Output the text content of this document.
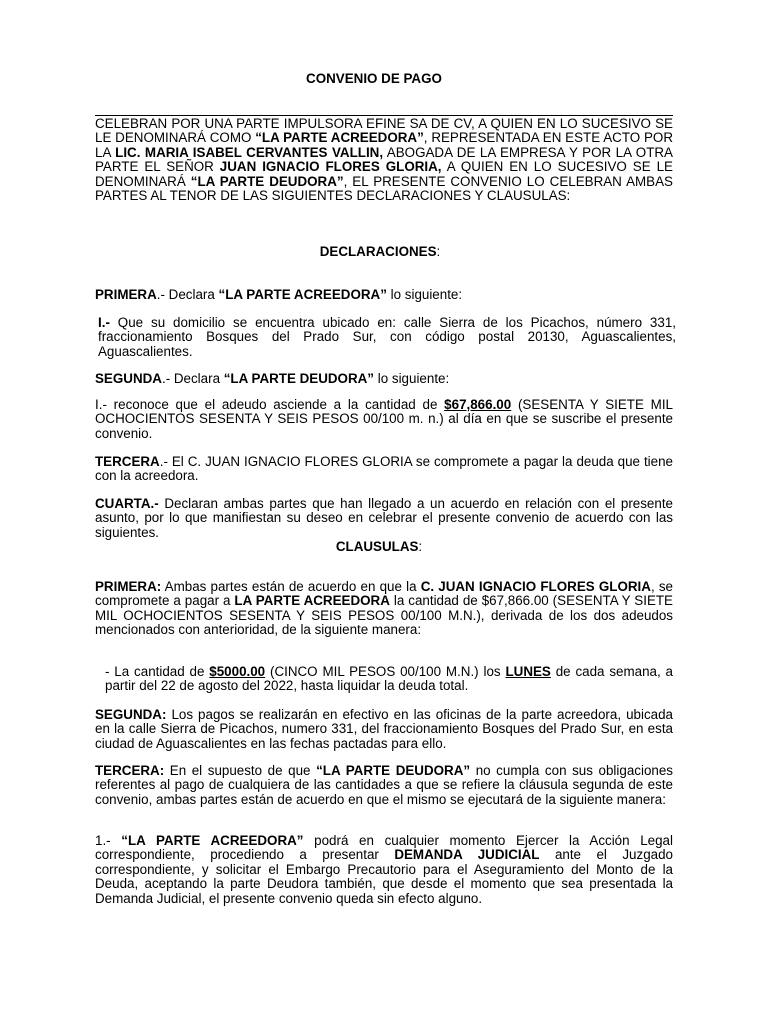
CONVENIO DE PAGO
CELEBRAN POR UNA PARTE IMPULSORA EFINE SA DE CV, A QUIEN EN LO SUCESIVO SE LE DENOMINARÁ COMO “LA PARTE ACREEDORA”, REPRESENTADA EN ESTE ACTO POR LA LIC. MARIA ISABEL CERVANTES VALLIN, ABOGADA DE LA EMPRESA Y POR LA OTRA PARTE EL SEÑOR JUAN IGNACIO FLORES GLORIA, A QUIEN EN LO SUCESIVO SE LE DENOMINARÁ “LA PARTE DEUDORA”, EL PRESENTE CONVENIO LO CELEBRAN AMBAS PARTES AL TENOR DE LAS SIGUIENTES DECLARACIONES Y CLAUSULAS:
DECLARACIONES:
PRIMERA.- Declara “LA PARTE ACREEDORA” lo siguiente:
I.- Que su domicilio se encuentra ubicado en: calle Sierra de los Picachos, número 331, fraccionamiento Bosques del Prado Sur, con código postal 20130, Aguascalientes, Aguascalientes.
SEGUNDA.- Declara “LA PARTE DEUDORA” lo siguiente:
I.- reconoce que el adeudo asciende a la cantidad de $67,866.00 (SESENTA Y SIETE MIL OCHOCIENTOS SESENTA Y SEIS PESOS 00/100 m. n.) al día en que se suscribe el presente convenio.
TERCERA.- El C. JUAN IGNACIO FLORES GLORIA se compromete a pagar la deuda que tiene con la acreedora.
CUARTA.- Declaran ambas partes que han llegado a un acuerdo en relación con el presente asunto, por lo que manifiestan su deseo en celebrar el presente convenio de acuerdo con las siguientes.
CLAUSULAS:
PRIMERA: Ambas partes están de acuerdo en que la C. JUAN IGNACIO FLORES GLORIA, se compromete a pagar a LA PARTE ACREEDORA la cantidad de $67,866.00 (SESENTA Y SIETE MIL OCHOCIENTOS SESENTA Y SEIS PESOS 00/100 M.N.), derivada de los dos adeudos mencionados con anterioridad, de la siguiente manera:
- La cantidad de $5000.00 (CINCO MIL PESOS 00/100 M.N.) los LUNES de cada semana, a partir del 22 de agosto del 2022, hasta liquidar la deuda total.
SEGUNDA: Los pagos se realizarán en efectivo en las oficinas de la parte acreedora, ubicada en la calle Sierra de Picachos, numero 331, del fraccionamiento Bosques del Prado Sur, en esta ciudad de Aguascalientes en las fechas pactadas para ello.
TERCERA: En el supuesto de que “LA PARTE DEUDORA” no cumpla con sus obligaciones referentes al pago de cualquiera de las cantidades a que se refiere la cláusula segunda de este convenio, ambas partes están de acuerdo en que el mismo se ejecutará de la siguiente manera:
1.- “LA PARTE ACREEDORA” podrá en cualquier momento Ejercer la Acción Legal correspondiente, procediendo a presentar DEMANDA JUDICIAL ante el Juzgado correspondiente, y solicitar el Embargo Precautorio para el Aseguramiento del Monto de la Deuda, aceptando la parte Deudora también, que desde el momento que sea presentada la Demanda Judicial, el presente convenio queda sin efecto alguno.
